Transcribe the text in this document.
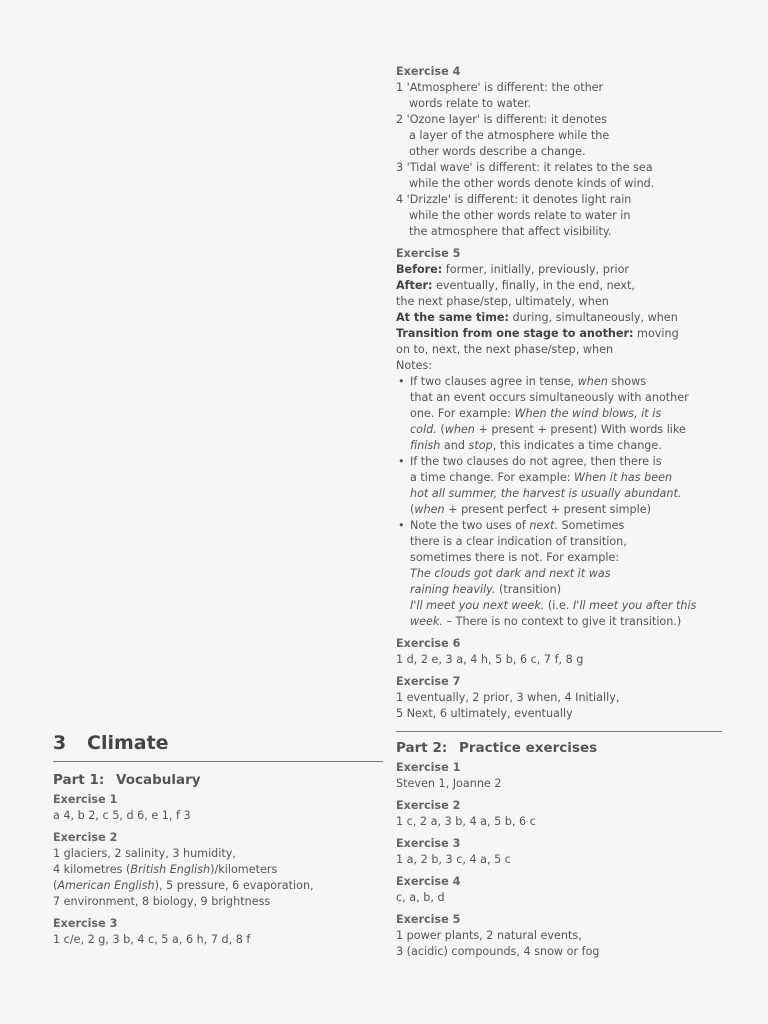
3 Climate
Part 1: Vocabulary
Exercise 1
a 4, b 2, c 5, d 6, e 1, f 3
Exercise 2
1 glaciers, 2 salinity, 3 humidity,
4 kilometres (British English)/kilometers
(American English), 5 pressure, 6 evaporation,
7 environment, 8 biology, 9 brightness
Exercise 3
1 c/e, 2 g, 3 b, 4 c, 5 a, 6 h, 7 d, 8 f
Exercise 4
1 'Atmosphere' is different: the other
words relate to water.
2 'Ozone layer' is different: it denotes
a layer of the atmosphere while the
other words describe a change.
3 'Tidal wave' is different: it relates to the sea
while the other words denote kinds of wind.
4 'Drizzle' is different: it denotes light rain
while the other words relate to water in
the atmosphere that affect visibility.
Exercise 5
Before: former, initially, previously, prior
After: eventually, finally, in the end, next,
the next phase/step, ultimately, when
At the same time: during, simultaneously, when
Transition from one stage to another: moving
on to, next, the next phase/step, when
Notes:
• If two clauses agree in tense, when shows
that an event occurs simultaneously with another
one. For example: When the wind blows, it is
cold. (when + present + present) With words like
finish and stop, this indicates a time change.
• If the two clauses do not agree, then there is
a time change. For example: When it has been
hot all summer, the harvest is usually abundant.
(when + present perfect + present simple)
• Note the two uses of next. Sometimes
there is a clear indication of transition,
sometimes there is not. For example:
The clouds got dark and next it was
raining heavily. (transition)
I'll meet you next week. (i.e. I'll meet you after this
week. – There is no context to give it transition.)
Exercise 6
1 d, 2 e, 3 a, 4 h, 5 b, 6 c, 7 f, 8 g
Exercise 7
1 eventually, 2 prior, 3 when, 4 Initially,
5 Next, 6 ultimately, eventually
Part 2: Practice exercises
Exercise 1
Steven 1, Joanne 2
Exercise 2
1 c, 2 a, 3 b, 4 a, 5 b, 6 c
Exercise 3
1 a, 2 b, 3 c, 4 a, 5 c
Exercise 4
c, a, b, d
Exercise 5
1 power plants, 2 natural events,
3 (acidic) compounds, 4 snow or fog
